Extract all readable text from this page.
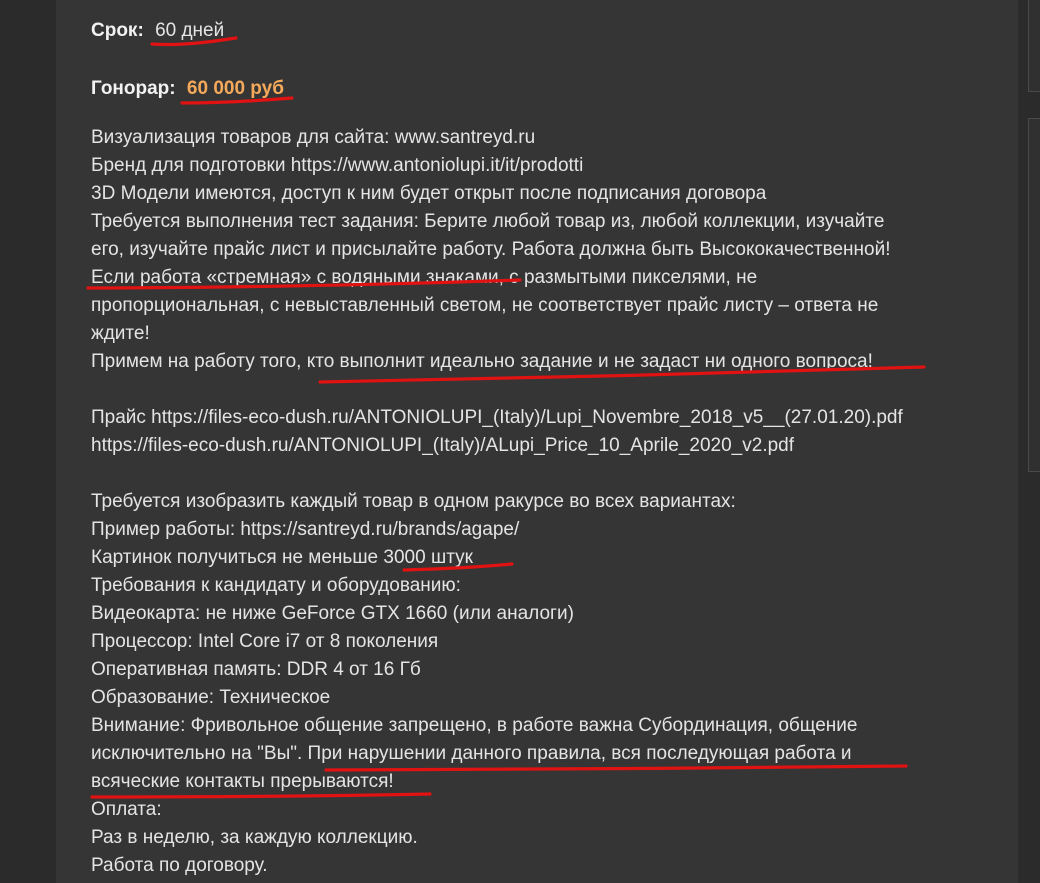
Срок: 60 дней
Гонорар: 60 000 руб
Визуализация товаров для сайта: www.santreyd.ru
Бренд для подготовки https://www.antoniolupi.it/it/prodotti
3D Модели имеются, доступ к ним будет открыт после подписания договора
Требуется выполнения тест задания: Берите любой товар из, любой коллекции, изучайте
его, изучайте прайс лист и присылайте работу. Работа должна быть Высококачественной!
Если работа «стремная» с водяными знаками, с размытыми пикселями, не
пропорциональная, с невыставленный светом, не соответствует прайс листу – ответа не
ждите!
Примем на работу того, кто выполнит идеально задание и не задаст ни одного вопроса!
Прайс https://files-eco-dush.ru/ANTONIOLUPI_(Italy)/Lupi_Novembre_2018_v5__(27.01.20).pdf
https://files-eco-dush.ru/ANTONIOLUPI_(Italy)/ALupi_Price_10_Aprile_2020_v2.pdf
Требуется изобразить каждый товар в одном ракурсе во всех вариантах:
Пример работы: https://santreyd.ru/brands/agape/
Картинок получиться не меньше 3000 штук
Требования к кандидату и оборудованию:
Видеокарта: не ниже GeForce GTX 1660 (или аналоги)
Процессор: Intel Core i7 от 8 поколения
Оперативная память: DDR 4 от 16 Гб
Образование: Техническое
Внимание: Фривольное общение запрещено, в работе важна Субординация, общение
исключительно на "Вы". При нарушении данного правила, вся последующая работа и
всяческие контакты прерываются!
Оплата:
Раз в неделю, за каждую коллекцию.
Работа по договору.
